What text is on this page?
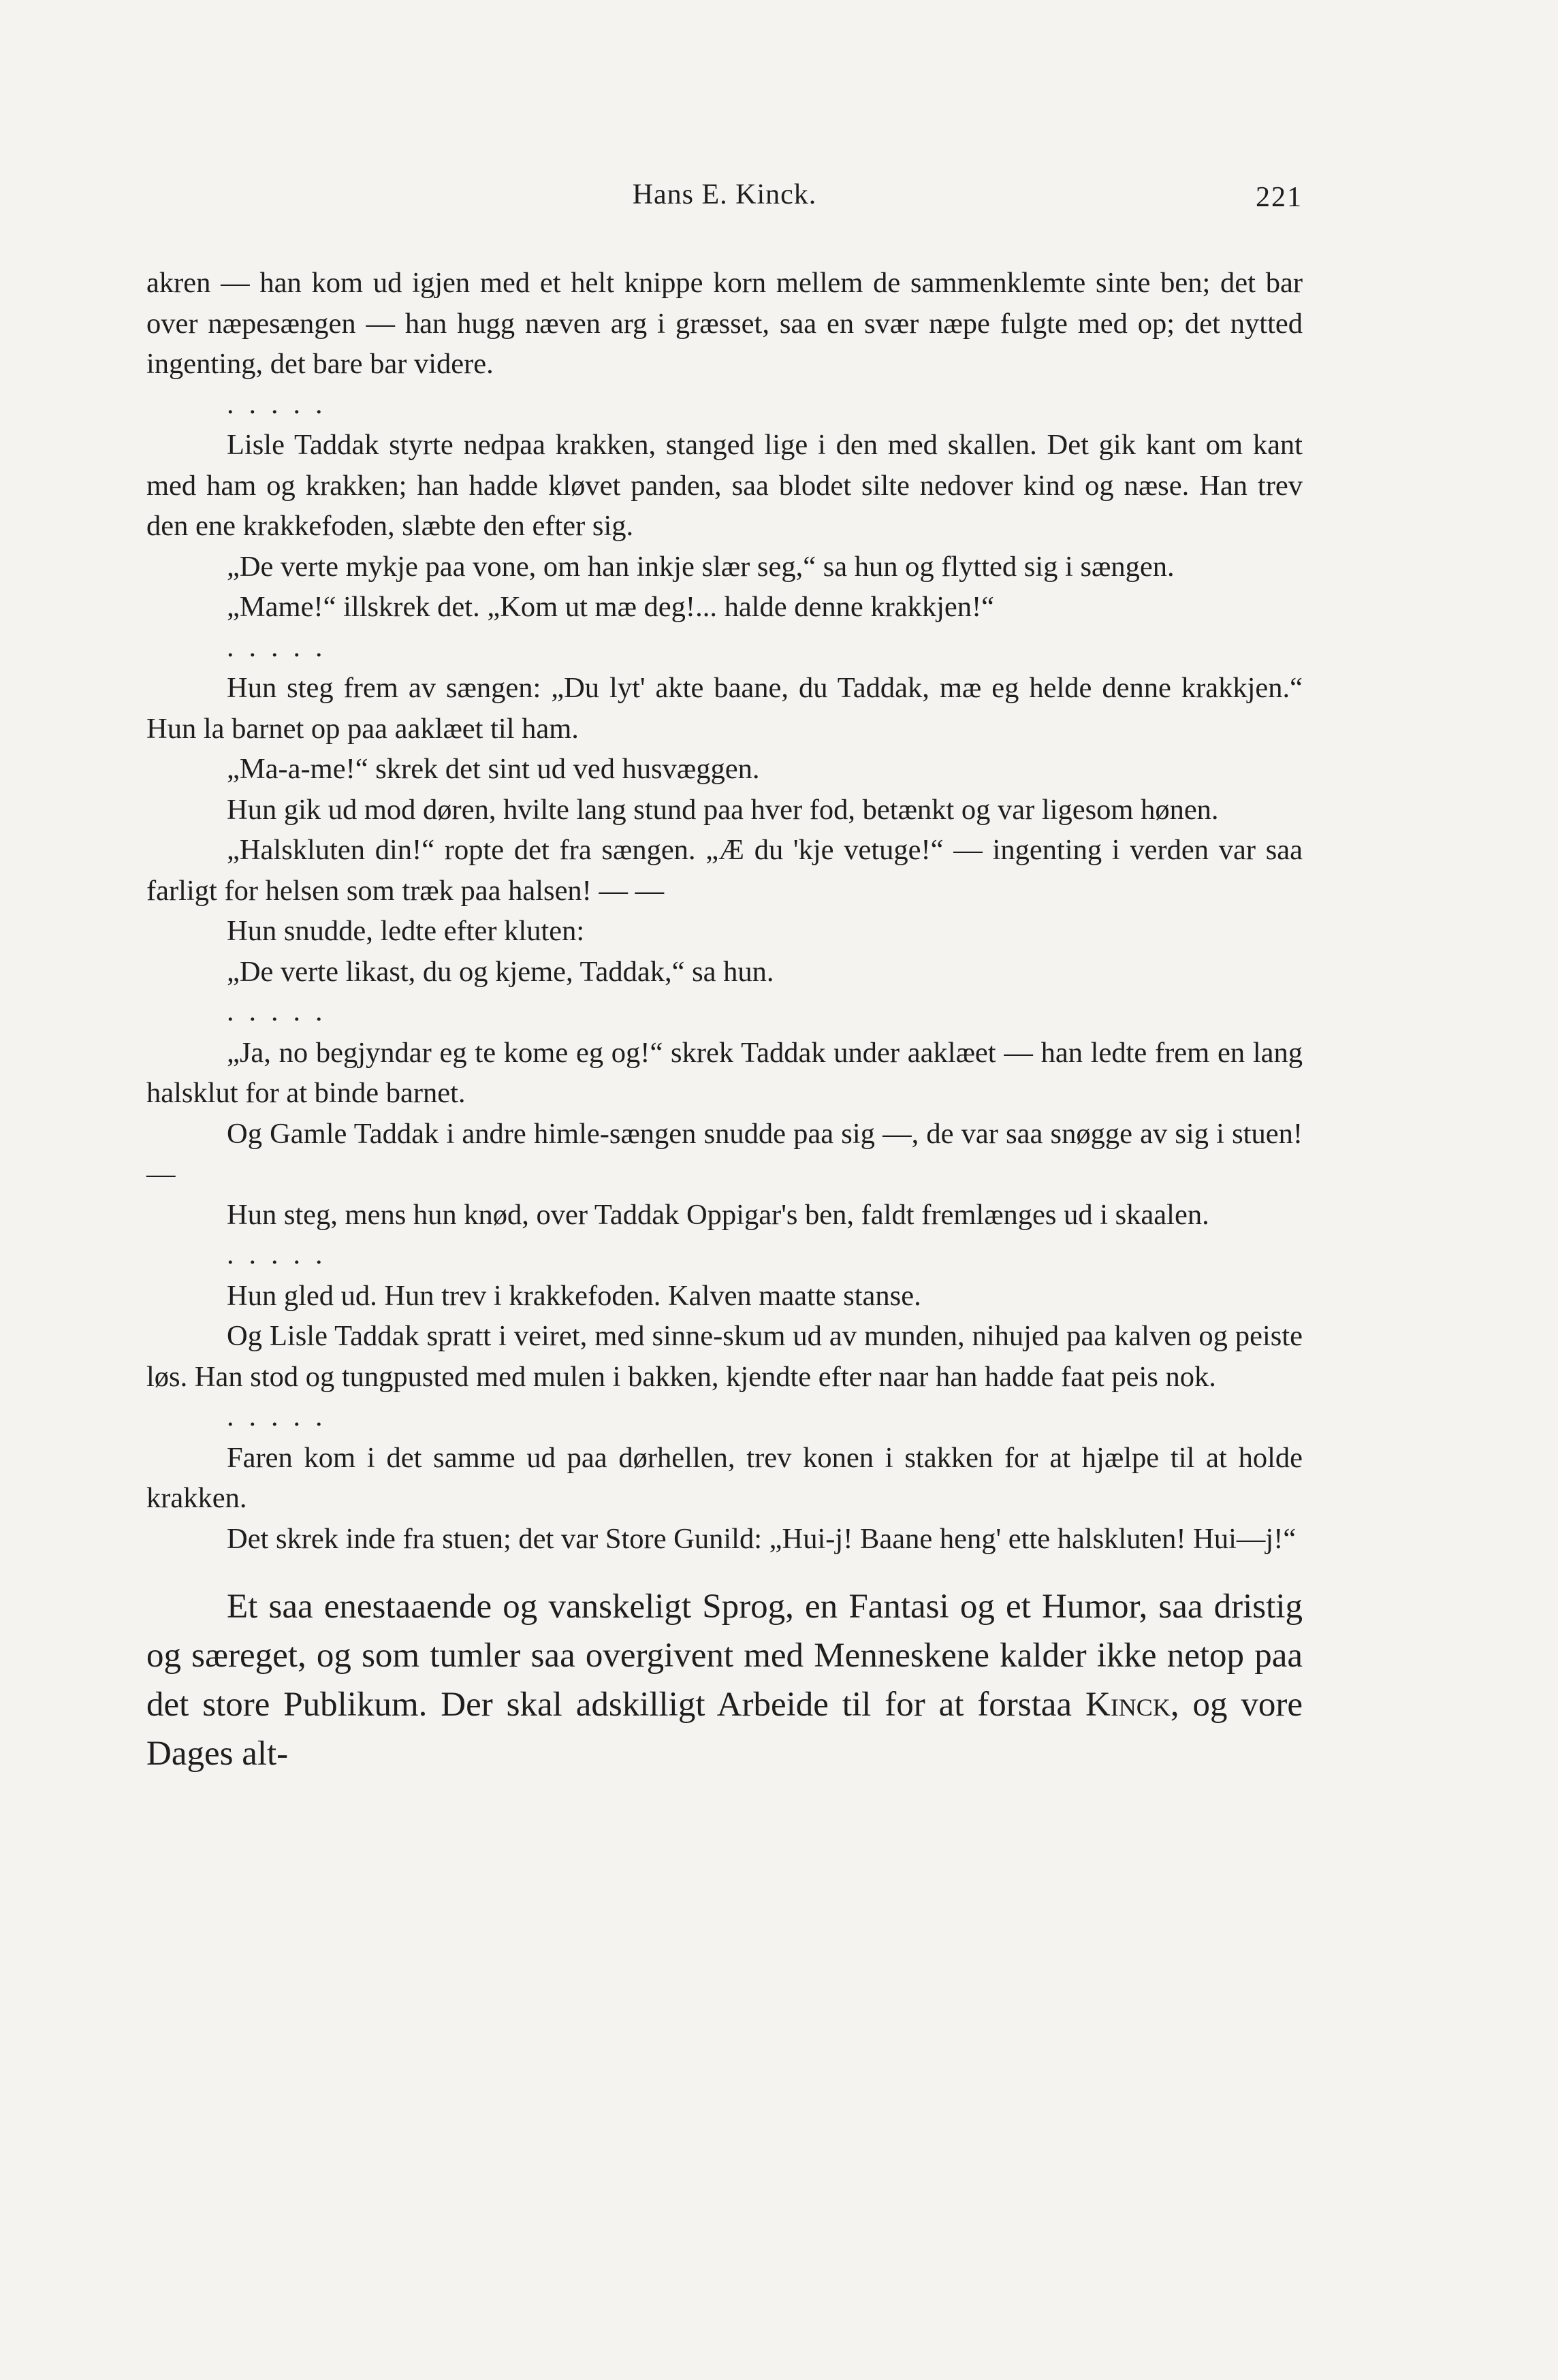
Hans E. Kinck.	221

akren — han kom ud igjen med et helt knippe korn mellem de sammenklemte sinte ben; det bar over næpesængen — han hugg næven arg i græsset, saa en svær næpe fulgte med op; det nytted ingenting, det bare bar videre.

.....

Lisle Taddak styrte nedpaa krakken, stanged lige i den med skallen. Det gik kant om kant med ham og krakken; han hadde kløvet panden, saa blodet silte nedover kind og næse. Han trev den ene krakkefoden, slæbte den efter sig.

„De verte mykje paa vone, om han inkje slær seg,“ sa hun og flytted sig i sængen.

„Mame!“ illskrek det. „Kom ut mæ deg!... halde denne krakkjen!“

.....

Hun steg frem av sængen: „Du lyt' akte baane, du Taddak, mæ eg helde denne krakkjen.“ Hun la barnet op paa aaklæet til ham.

„Ma-a-me!“ skrek det sint ud ved husvæggen.

Hun gik ud mod døren, hvilte lang stund paa hver fod, betænkt og var ligesom hønen.

„Halskluten din!“ ropte det fra sængen. „Æ du 'kje vetuge!“ — ingenting i verden var saa farligt for helsen som træk paa halsen! — —

Hun snudde, ledte efter kluten:

„De verte likast, du og kjeme, Taddak,“ sa hun.

.....

„Ja, no begjyndar eg te kome eg og!“ skrek Taddak under aaklæet — han ledte frem en lang halsklut for at binde barnet.

Og Gamle Taddak i andre himle-sængen snudde paa sig —, de var saa snøgge av sig i stuen! —

Hun steg, mens hun knød, over Taddak Oppigar's ben, faldt fremlænges ud i skaalen.

.....

Hun gled ud. Hun trev i krakkefoden. Kalven maatte stanse.

Og Lisle Taddak spratt i veiret, med sinne-skum ud av munden, nihujed paa kalven og peiste løs. Han stod og tungpusted med mulen i bakken, kjendte efter naar han hadde faat peis nok.

.....

Faren kom i det samme ud paa dørhellen, trev konen i stakken for at hjælpe til at holde krakken.

Det skrek inde fra stuen; det var Store Gunild: „Hui-j! Baane heng' ette halskluten! Hui—j!“

Et saa enestaaende og vanskeligt Sprog, en Fantasi og et Humor, saa dristig og særeget, og som tumler saa overgivent med Menneskene kalder ikke netop paa det store Publikum. Der skal adskilligt Arbeide til for at forstaa Kinck, og vore Dages alt-
